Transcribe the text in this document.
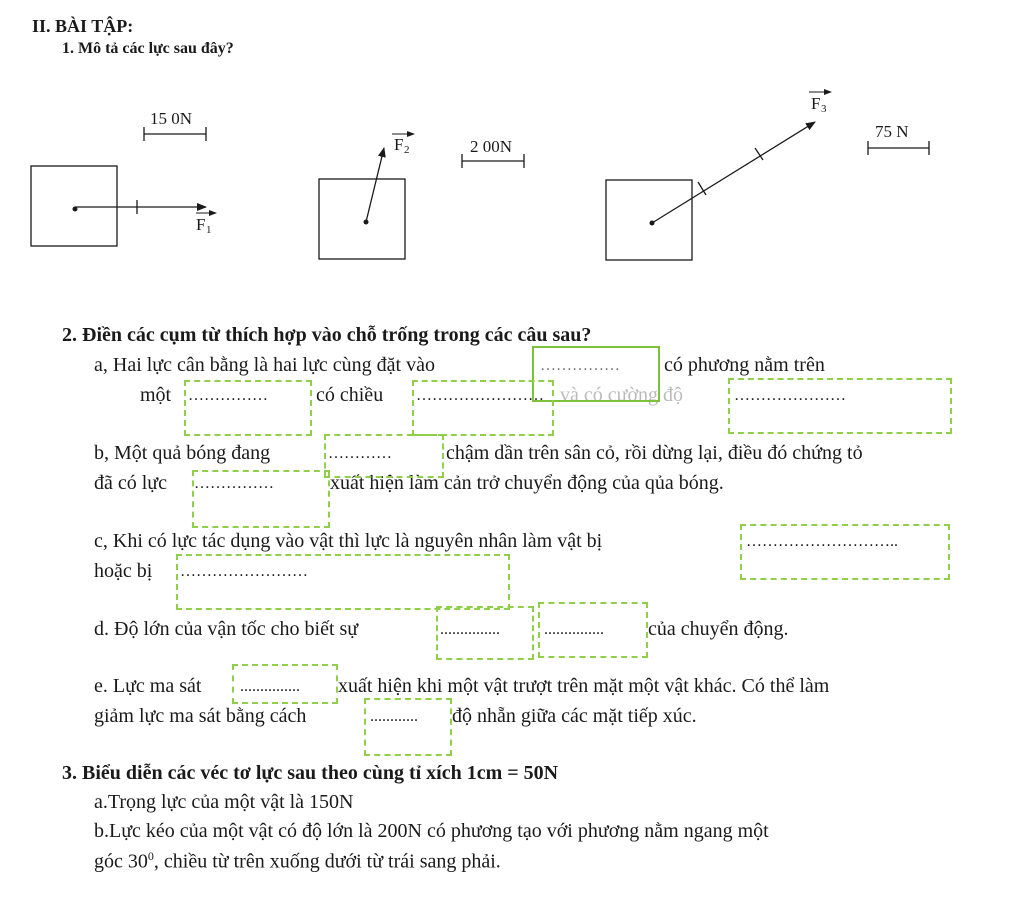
II. BÀI TẬP:
1. Mô tả các lực sau đây?
15 0N
F 1
F 2	2 00N
F 3
75 N
2. Điền các cụm từ thích hợp vào chỗ trống trong các câu sau?
a, Hai lực cân bằng là hai lực cùng đặt vào	…………… có phương nằm trên
một …………… có chiều …………………… và có cường độ	…………………
b, Một quả bóng đang	…………	chậm dần trên sân cỏ, rồi dừng lại, điều đó chứng tỏ
đã có lực ……………	xuất hiện làm cản trở chuyển động của qủa bóng.
c, Khi có lực tác dụng vào vật thì lực là nguyên nhân làm vật bị	………………………..
hoặc bị ……………………
d. Độ lớn của vận tốc cho biết sự	...............	............... của chuyển động.
e. Lực ma sát ............... xuất hiện khi một vật trượt trên mặt một vật khác. Có thể làm
giảm lực ma sát bằng cách	............ độ nhẵn giữa các mặt tiếp xúc.
3. Biểu diễn các véc tơ lực sau theo cùng tỉ xích 1cm = 50N
a.Trọng lực của một vật là 150N
b.Lực kéo của một vật có độ lớn là 200N có phương tạo với phương nằm ngang một
góc $30^0$, chiều từ trên xuống dưới từ trái sang phải.
